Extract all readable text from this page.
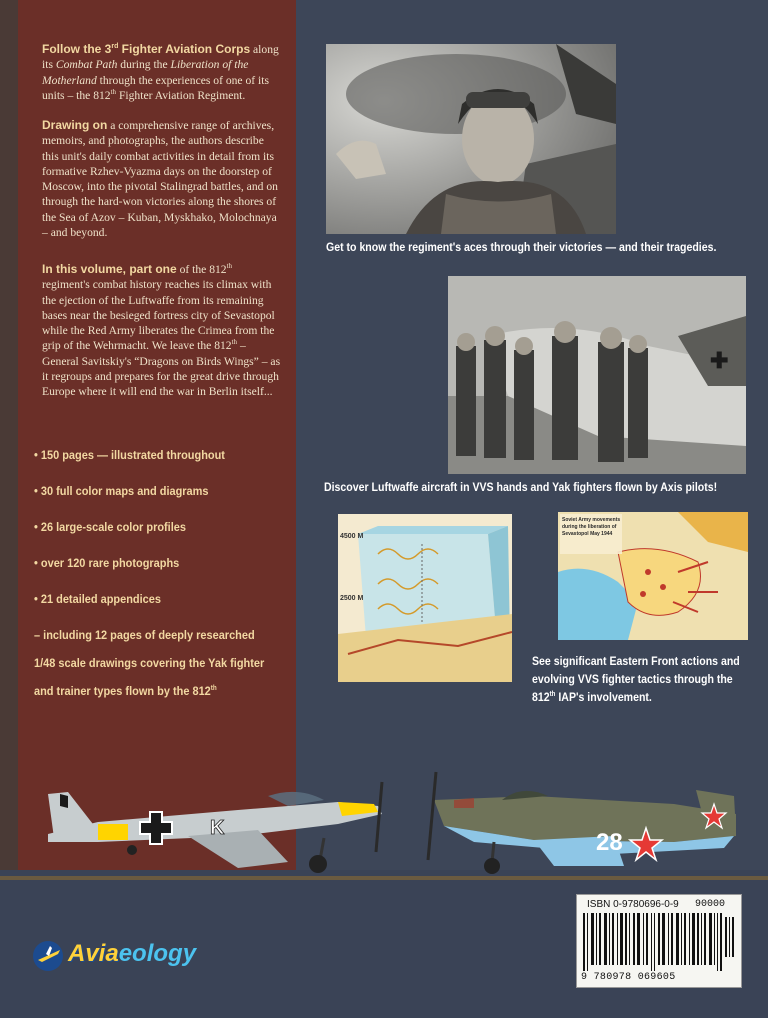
Follow the 3rd Fighter Aviation Corps along its Combat Path during the Liberation of the Motherland through the experiences of one of its units – the 812th Fighter Aviation Regiment.
Drawing on a comprehensive range of archives, memoirs, and photographs, the authors describe this unit's daily combat activities in detail from its formative Rzhev-Vyazma days on the doorstep of Moscow, into the pivotal Stalingrad battles, and on through the hard-won victories along the shores of the Sea of Azov – Kuban, Myskhako, Molochnaya – and beyond.
In this volume, part one of the 812th regiment's combat history reaches its climax with the ejection of the Luftwaffe from its remaining bases near the besieged fortress city of Sevastopol while the Red Army liberates the Crimea from the grip of the Wehrmacht. We leave the 812th – General Savitskiy's “Dragons on Birds Wings” – as it regroups and prepares for the great drive through Europe where it will end the war in Berlin itself...
• 150 pages — illustrated throughout
• 30 full color maps and diagrams
• 26 large-scale color profiles
• over 120 rare photographs
• 21 detailed appendices
– including 12 pages of deeply researched
1/48 scale drawings covering the Yak fighter
and trainer types flown by the 812th
Get to know the regiment's aces through their victories — and their tragedies.
✚
Discover Luftwaffe aircraft in VVS hands and Yak fighters flown by Axis pilots!
4500 M
2500 M
Soviet Army movements
during the liberation of
Sevastopol May 1944
See significant Eastern Front actions and
evolving VVS fighter tactics through the
812th IAP's involvement.
K
28
Aviaeology
ISBN 0-9780696-0-9 90000
9 780978 069605
